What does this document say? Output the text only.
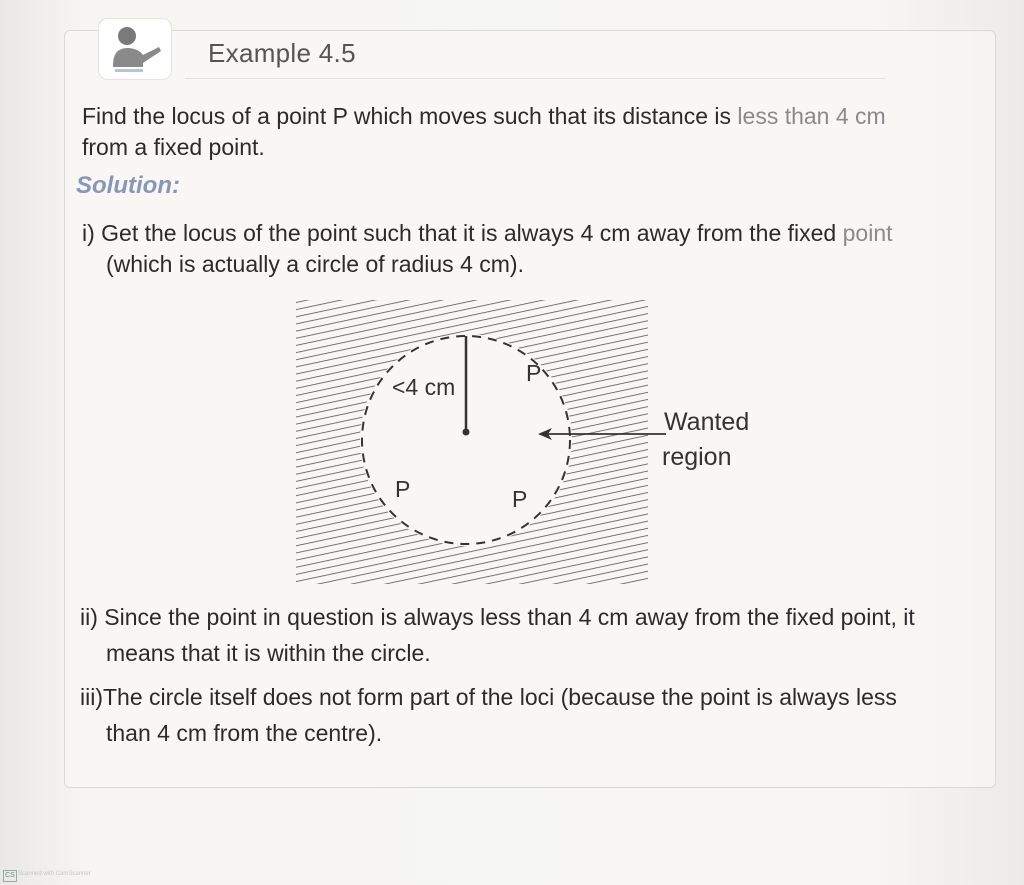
Example 4.5
Find the locus of a point P which moves such that its distance is less than 4 cm
from a fixed point.
Solution:
i) Get the locus of the point such that it is always 4 cm away from the fixed point
(which is actually a circle of radius 4 cm).
<4 cm
P
P	P
Wanted
region
ii) Since the point in question is always less than 4 cm away from the fixed point, it
means that it is within the circle.
iii)The circle itself does not form part of the loci (because the point is always less
than 4 cm from the centre).
CS Scanned with CamScanner
